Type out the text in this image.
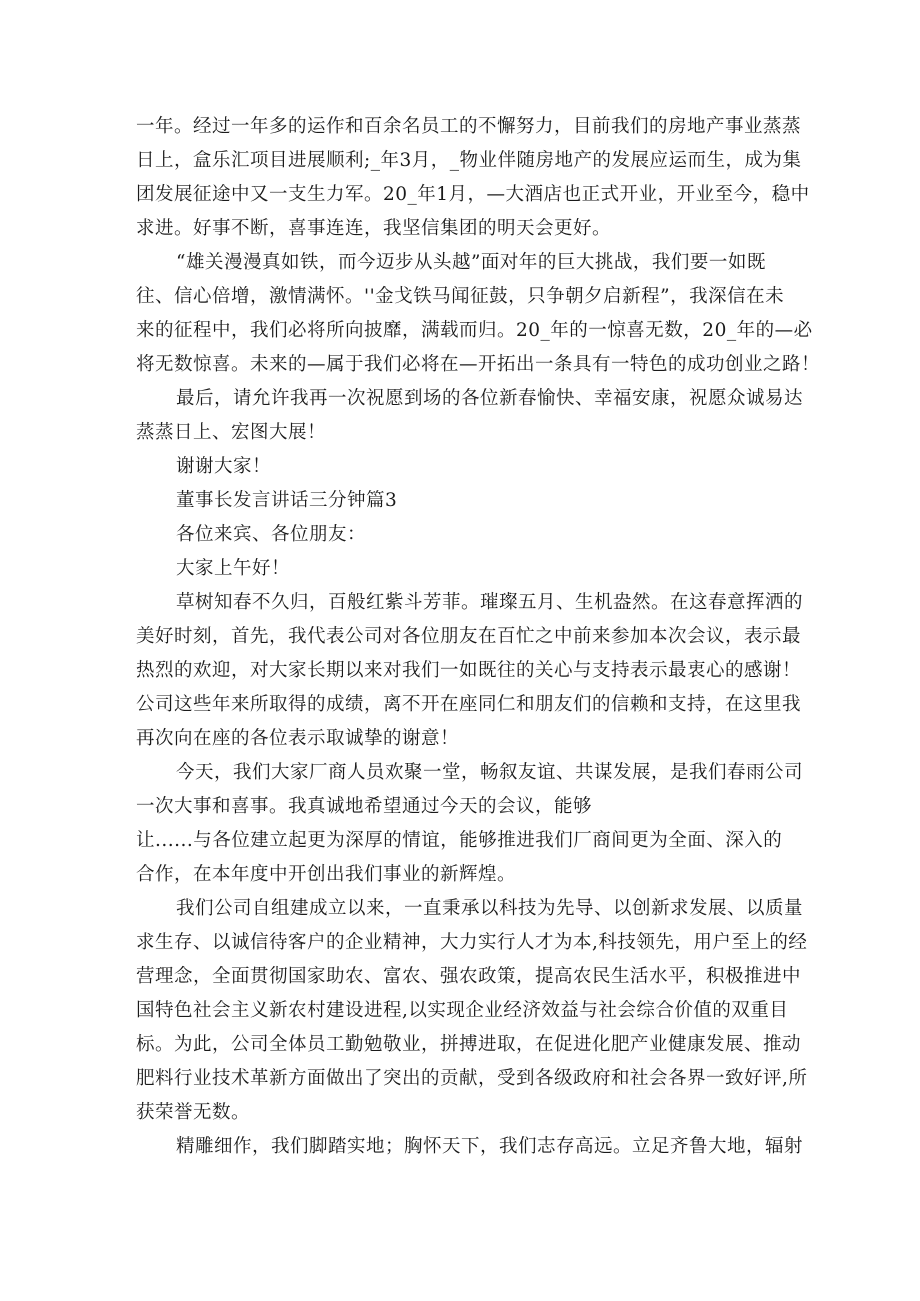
一年。经过一年多的运作和百余名员工的不懈努力，目前我们的房地产事业蒸蒸
日上，盒乐汇项目进展顺利;_年3月，_物业伴随房地产的发展应运而生，成为集
团发展征途中又一支生力军。20_年1月，—大酒店也正式开业，开业至今，稳中
求进。好事不断，喜事连连，我坚信集团的明天会更好。
“雄关漫漫真如铁，而今迈步从头越”面对年的巨大挑战，我们要一如既
往、信心倍增，激情满怀。''金戈铁马闻征鼓，只争朝夕启新程”，我深信在未
来的征程中，我们必将所向披靡，满载而归。20_年的一惊喜无数，20_年的—必
将无数惊喜。未来的—属于我们必将在—开拓出一条具有一特色的成功创业之路！
最后，请允许我再一次祝愿到场的各位新春愉快、幸福安康，祝愿众诚易达
蒸蒸日上、宏图大展！
谢谢大家！
董事长发言讲话三分钟篇3
各位来宾、各位朋友：
大家上午好！
草树知春不久归，百般红紫斗芳菲。璀璨五月、生机盎然。在这春意挥洒的
美好时刻，首先，我代表公司对各位朋友在百忙之中前来参加本次会议，表示最
热烈的欢迎，对大家长期以来对我们一如既往的关心与支持表示最衷心的感谢！
公司这些年来所取得的成绩，离不开在座同仁和朋友们的信赖和支持，在这里我
再次向在座的各位表示取诚挚的谢意！
今天，我们大家厂商人员欢聚一堂，畅叙友谊、共谋发展，是我们春雨公司
一次大事和喜事。我真诚地希望通过今天的会议，能够
让......与各位建立起更为深厚的情谊，能够推进我们厂商间更为全面、深入的
合作，在本年度中开创出我们事业的新辉煌。
我们公司自组建成立以来，一直秉承以科技为先导、以创新求发展、以质量
求生存、以诚信待客户的企业精神，大力实行人才为本,科技领先，用户至上的经
营理念，全面贯彻国家助农、富农、强农政策，提高农民生活水平，积极推进中
国特色社会主义新农村建设进程,以实现企业经济效益与社会综合价值的双重目
标。为此，公司全体员工勤勉敬业，拼搏进取，在促进化肥产业健康发展、推动
肥料行业技术革新方面做出了突出的贡献，受到各级政府和社会各界一致好评,所
获荣誉无数。
精雕细作，我们脚踏实地；胸怀天下，我们志存高远。立足齐鲁大地，辐射
